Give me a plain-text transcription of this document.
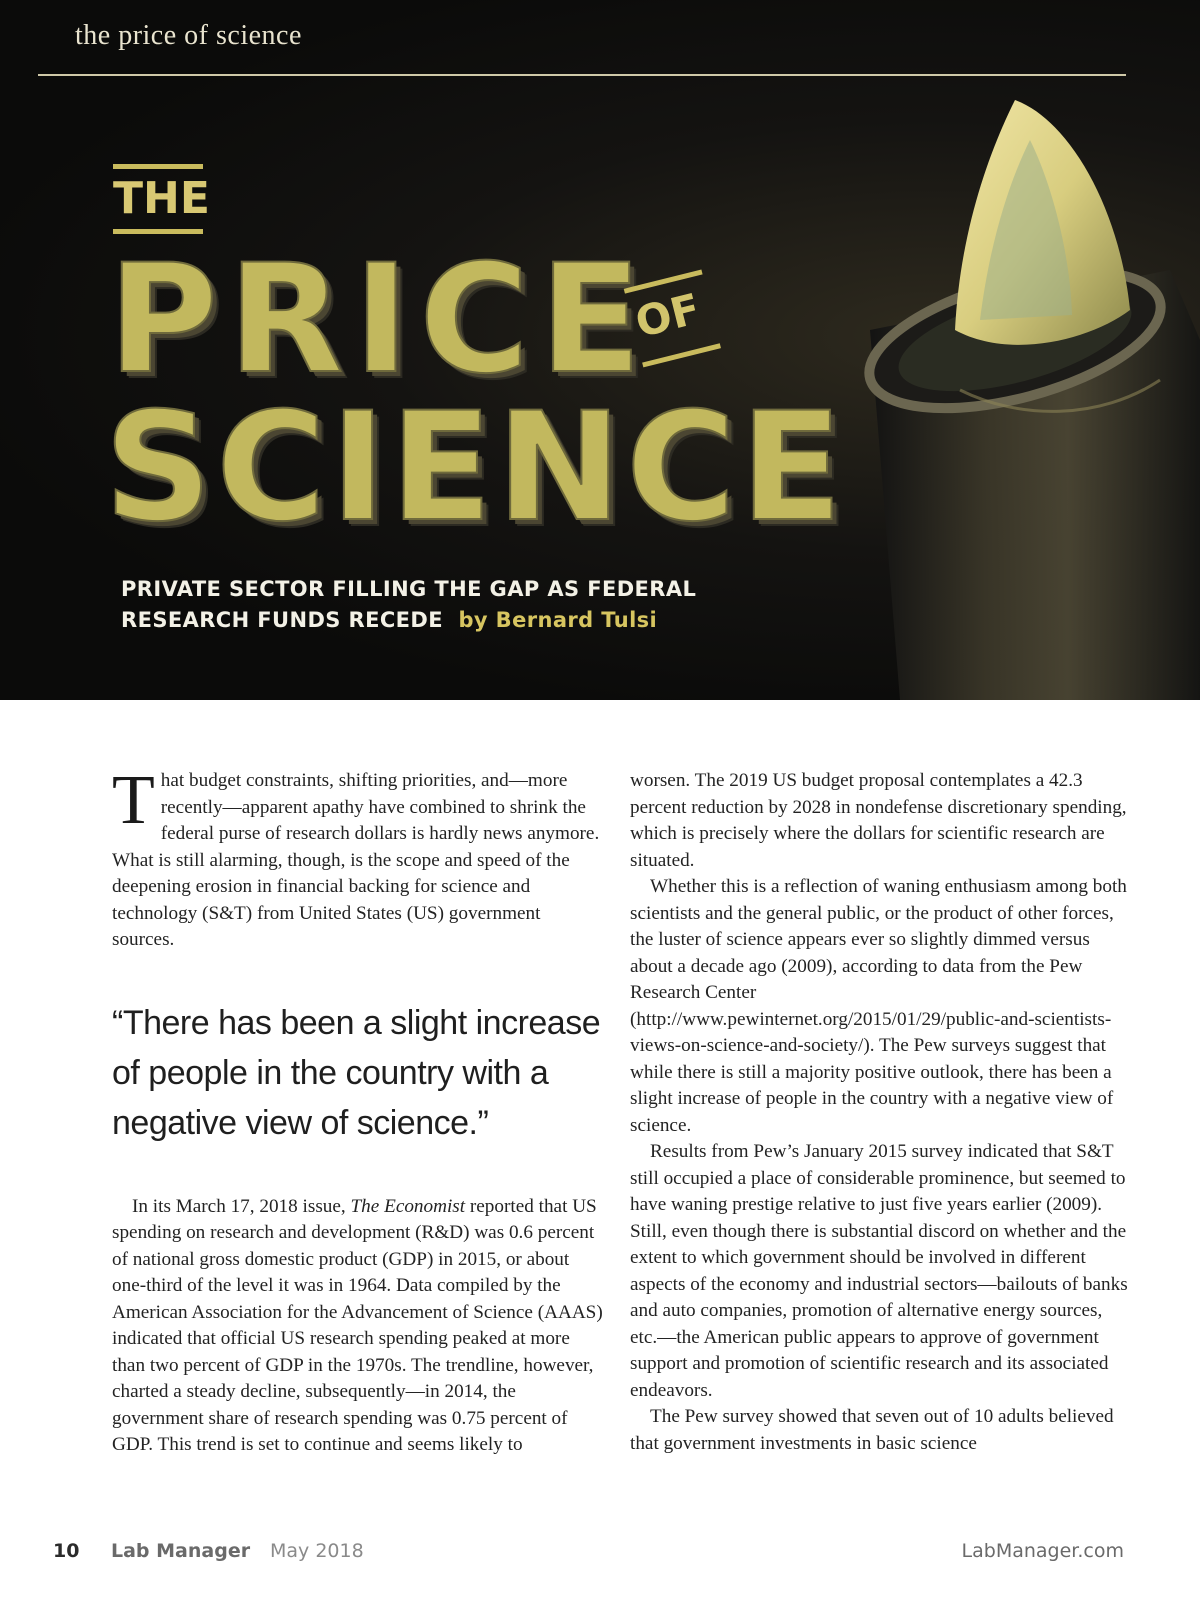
the price of science
THE
PRICE
OF
SCIENCE
PRIVATE SECTOR FILLING THE GAP AS FEDERAL
RESEARCH FUNDS RECEDE by Bernard Tulsi

That budget constraints, shifting priorities, and—more recently—apparent apathy have combined to shrink the federal purse of research dollars is hardly news anymore. What is still alarming, though, is the scope and speed of the deepening erosion in financial backing for science and technology (S&T) from United States (US) government sources.

“There has been a slight increase of people in the country with a negative view of science.”

In its March 17, 2018 issue, The Economist reported that US spending on research and development (R&D) was 0.6 percent of national gross domestic product (GDP) in 2015, or about one-third of the level it was in 1964. Data compiled by the American Association for the Advancement of Science (AAAS) indicated that official US research spending peaked at more than two percent of GDP in the 1970s. The trendline, however, charted a steady decline, subsequently—in 2014, the government share of research spending was 0.75 percent of GDP. This trend is set to continue and seems likely to

worsen. The 2019 US budget proposal contemplates a 42.3 percent reduction by 2028 in nondefense discretionary spending, which is precisely where the dollars for scientific research are situated.

Whether this is a reflection of waning enthusiasm among both scientists and the general public, or the product of other forces, the luster of science appears ever so slightly dimmed versus about a decade ago (2009), according to data from the Pew Research Center (http://www.pewinternet.org/2015/01/29/public-and-scientists-views-on-science-and-society/). The Pew surveys suggest that while there is still a majority positive outlook, there has been a slight increase of people in the country with a negative view of science.

Results from Pew’s January 2015 survey indicated that S&T still occupied a place of considerable prominence, but seemed to have waning prestige relative to just five years earlier (2009). Still, even though there is substantial discord on whether and the extent to which government should be involved in different aspects of the economy and industrial sectors—bailouts of banks and auto companies, promotion of alternative energy sources, etc.—the American public appears to approve of government support and promotion of scientific research and its associated endeavors.

The Pew survey showed that seven out of 10 adults believed that government investments in basic science

10 Lab Manager May 2018	LabManager.com
